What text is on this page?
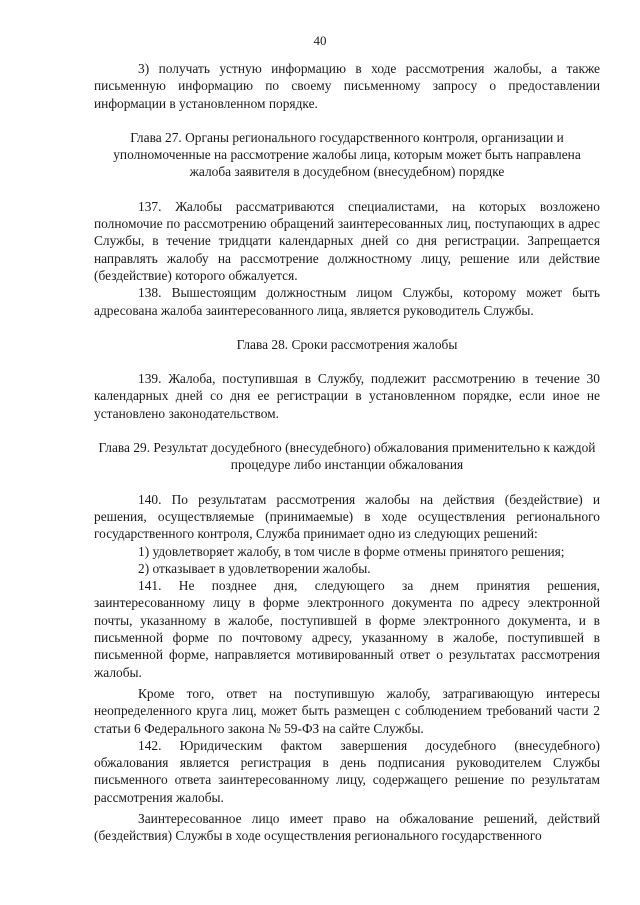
40

3) получать устную информацию в ходе рассмотрения жалобы, а также письменную информацию по своему письменному запросу о предоставлении информации в установленном порядке.

Глава 27. Органы регионального государственного контроля, организации и уполномоченные на рассмотрение жалобы лица, которым может быть направлена жалоба заявителя в досудебном (внесудебном) порядке

137. Жалобы рассматриваются специалистами, на которых возложено полномочие по рассмотрению обращений заинтересованных лиц, поступающих в адрес Службы, в течение тридцати календарных дней со дня регистрации. Запрещается направлять жалобу на рассмотрение должностному лицу, решение или действие (бездействие) которого обжалуется.

138. Вышестоящим должностным лицом Службы, которому может быть адресована жалоба заинтересованного лица, является руководитель Службы.

Глава 28. Сроки рассмотрения жалобы

139. Жалоба, поступившая в Службу, подлежит рассмотрению в течение 30 календарных дней со дня ее регистрации в установленном порядке, если иное не установлено законодательством.

Глава 29. Результат досудебного (внесудебного) обжалования применительно к каждой процедуре либо инстанции обжалования

140. По результатам рассмотрения жалобы на действия (бездействие) и решения, осуществляемые (принимаемые) в ходе осуществления регионального государственного контроля, Служба принимает одно из следующих решений:

1) удовлетворяет жалобу, в том числе в форме отмены принятого решения;

2) отказывает в удовлетворении жалобы.

141. Не позднее дня, следующего за днем принятия решения, заинтересованному лицу в форме электронного документа по адресу электронной почты, указанному в жалобе, поступившей в форме электронного документа, и в письменной форме по почтовому адресу, указанному в жалобе, поступившей в письменной форме, направляется мотивированный ответ о результатах рассмотрения жалобы.

Кроме того, ответ на поступившую жалобу, затрагивающую интересы неопределенного круга лиц, может быть размещен с соблюдением требований части 2 статьи 6 Федерального закона № 59-ФЗ на сайте Службы.

142. Юридическим фактом завершения досудебного (внесудебного) обжалования является регистрация в день подписания руководителем Службы письменного ответа заинтересованному лицу, содержащего решение по результатам рассмотрения жалобы.

Заинтересованное лицо имеет право на обжалование решений, действий (бездействия) Службы в ходе осуществления регионального государственного
